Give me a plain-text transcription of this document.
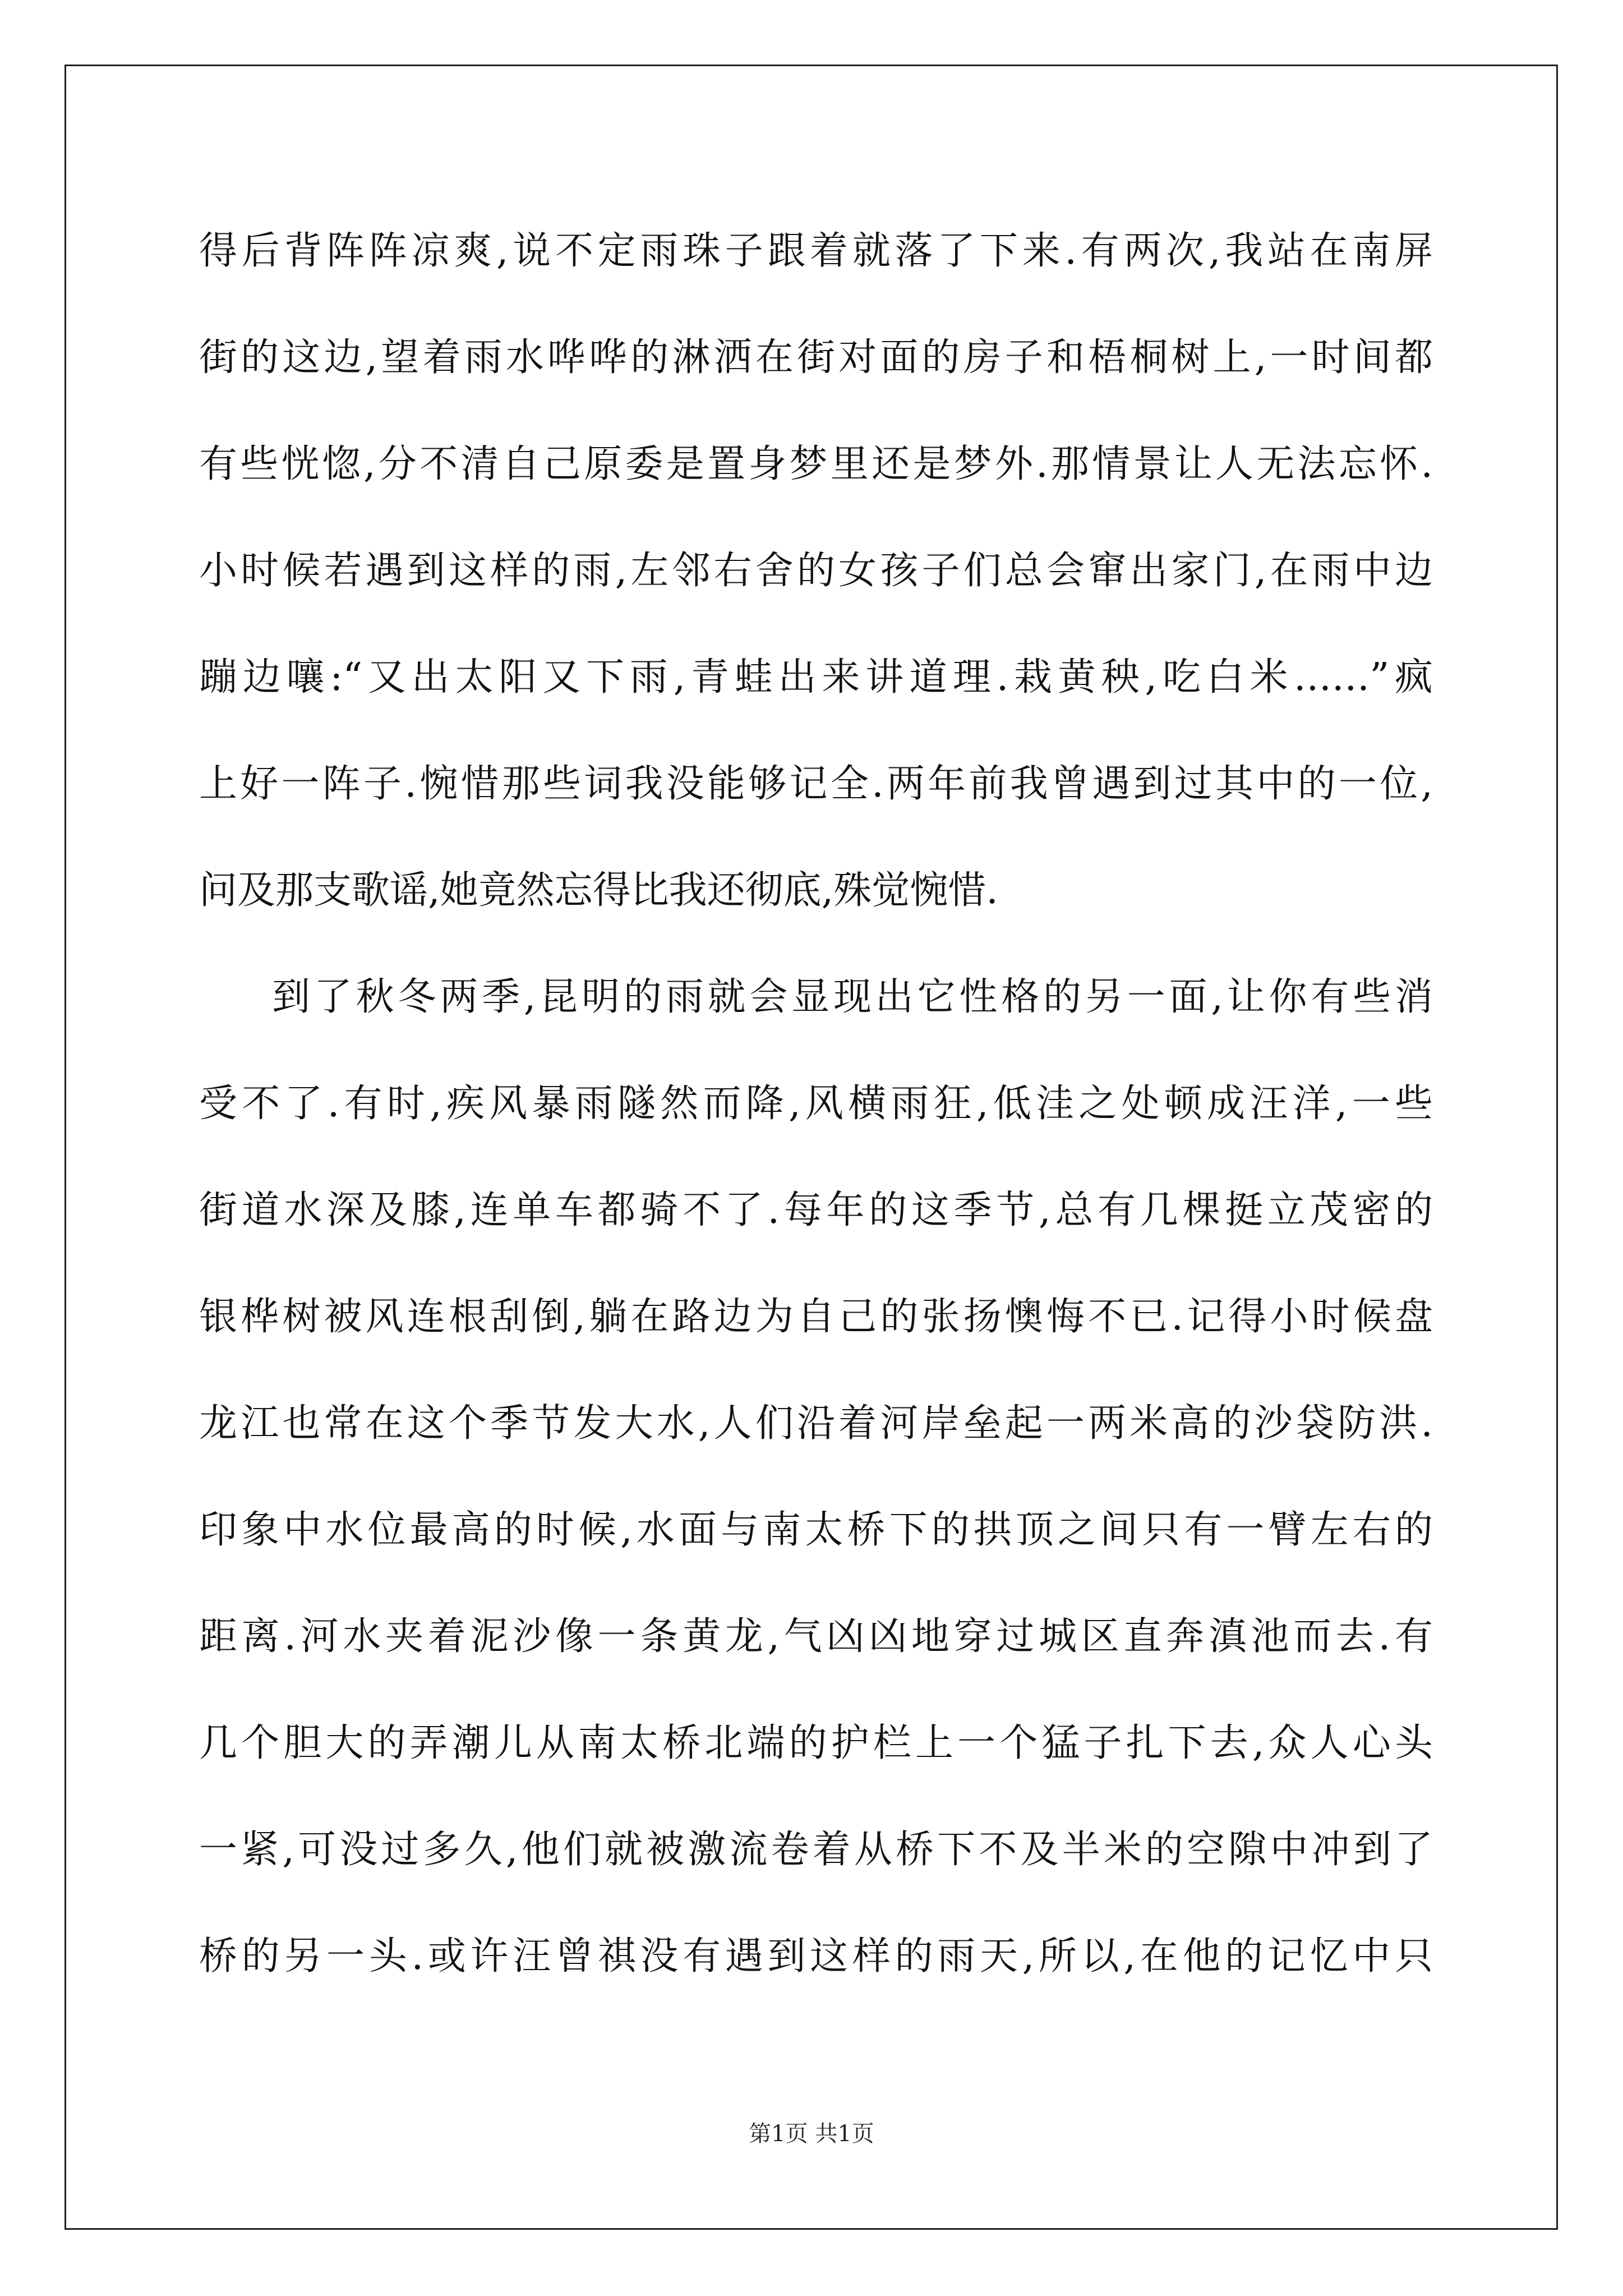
得后背阵阵凉爽,说不定雨珠子跟着就落了下来.有两次,我站在南屏
街的这边,望着雨水哗哗的淋洒在街对面的房子和梧桐树上,一时间都
有些恍惚,分不清自己原委是置身梦里还是梦外.那情景让人无法忘怀.
小时候若遇到这样的雨,左邻右舍的女孩子们总会窜出家门,在雨中边
蹦边嚷:“又出太阳又下雨,青蛙出来讲道理.栽黄秧,吃白米……”疯
上好一阵子.惋惜那些词我没能够记全.两年前我曾遇到过其中的一位,
问及那支歌谣,她竟然忘得比我还彻底,殊觉惋惜.
到了秋冬两季,昆明的雨就会显现出它性格的另一面,让你有些消
受不了.有时,疾风暴雨隧然而降,风横雨狂,低洼之处顿成汪洋,一些
街道水深及膝,连单车都骑不了.每年的这季节,总有几棵挺立茂密的
银桦树被风连根刮倒,躺在路边为自己的张扬懊悔不已.记得小时候盘
龙江也常在这个季节发大水,人们沿着河岸垒起一两米高的沙袋防洪.
印象中水位最高的时候,水面与南太桥下的拱顶之间只有一臂左右的
距离.河水夹着泥沙像一条黄龙,气凶凶地穿过城区直奔滇池而去.有
几个胆大的弄潮儿从南太桥北端的护栏上一个猛子扎下去,众人心头
一紧,可没过多久,他们就被激流卷着从桥下不及半米的空隙中冲到了
桥的另一头.或许汪曾祺没有遇到这样的雨天,所以,在他的记忆中只
第1页 共1页
